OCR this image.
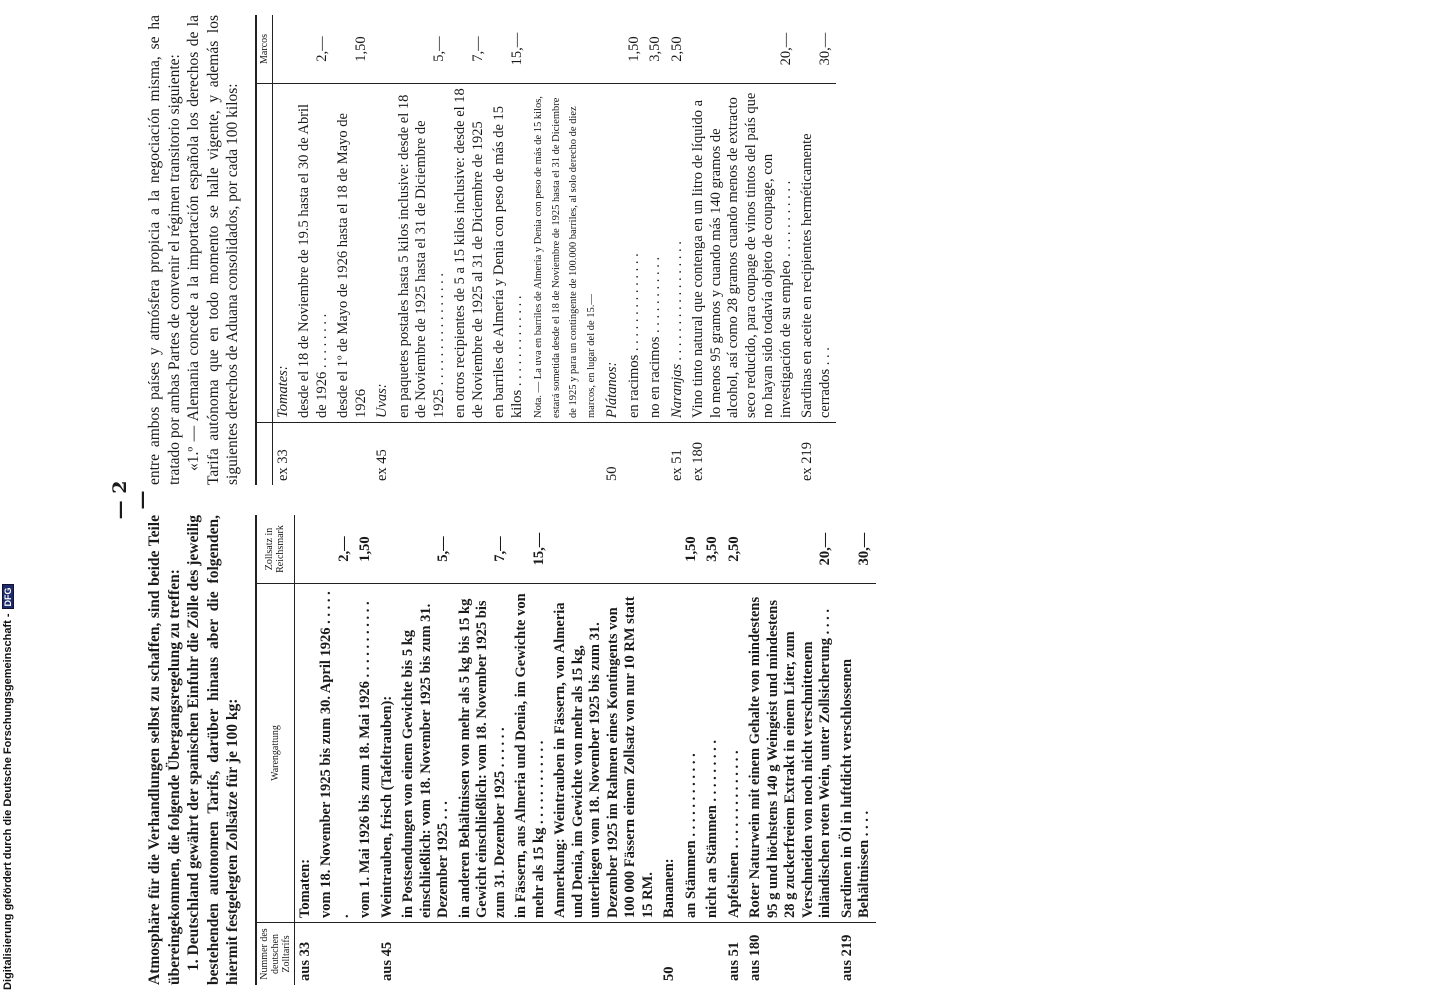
Digitalisierung gefördert durch die Deutsche Forschungsgemeinschaft -DFG
— 2 —

Atmosphäre für die Verhandlungen selbst zu schaffen, sind beide Teile übereingekommen, die folgende Übergangsregelung zu treffen: 1. Deutschland gewährt der spanischen Einfuhr die Zölle des jeweilig bestehenden autonomen Tarifs, darüber hinaus aber die folgenden, hiermit festgelegten Zollsätze für je 100 kg: Nummer des deutschen Zolltarifs	Warengattung	Zollsatz in Reichsmark
aus 33	Tomaten:	
	vom 18. November 1925 bis zum 30. April 1926 . . . . . .	2,—
	vom 1. Mai 1926 bis zum 18. Mai 1926 . . . . . . . . . . .	1,50
aus 45	Weintrauben, frisch (Tafeltrauben):	
	in Postsendungen von einem Gewichte bis 5 kg einschließlich: vom 18. November 1925 bis zum 31. Dezember 1925 . . .	5,—
	in anderen Behältnissen von mehr als 5 kg bis 15 kg Gewicht einschließlich: vom 18. November 1925 bis zum 31. Dezember 1925 . . . . . .	7,—
	in Fässern, aus Almeria und Denia, im Gewichte von mehr als 15 kg . . . . . . . . . . . .	15,—
	Anmerkung: Weintrauben in Fässern, von Almeria und Denia, im Gewichte von mehr als 15 kg, unterliegen vom 18. November 1925 bis zum 31. Dezember 1925 im Rahmen eines Kontingents von 100 000 Fässern einem Zollsatz von nur 10 RM statt 15 RM.	
50	Bananen:	
	an Stämmen . . . . . . . . . . . .	1,50
	nicht an Stämmen . . . . . . . . .	3,50
aus 51	Apfelsinen . . . . . . . . . . . . . .	2,50
aus 180	Roter Naturwein mit einem Gehalte von mindestens 95 g und höchstens 140 g Weingeist und mindestens 28 g zuckerfreiem Extrakt in einem Liter, zum Verschneiden von noch nicht verschnittenem inländischen roten Wein, unter Zollsicherung . . . .	20,—
aus 219	Sardinen in Öl in luftdicht verschlossenen Behältnissen . . . .	30,—

entre ambos países y atmósfera propicia a la negociación misma, se ha tratado por ambas Partes de convenir el régimen transitorio siguiente: «1.º — Alemania concede a la importación española los derechos de la Tarifa autónoma que en todo momento se halle vigente, y además los siguientes derechos de Aduana consolidados, por cada 100 kilos:

		Marcos
ex 33	Tomates:	
	desde el 18 de Noviembre de 19.5 hasta el 30 de Abril de 1926 . . . . . . . .	2,—
	desde el 1º de Mayo de 1926 hasta el 18 de Mayo de 1926	1,50
ex 45	Uvas:	
	en paquetes postales hasta 5 kilos inclusive: desde el 18 de Noviembre de 1925 hasta el 31 de Diciembre de 1925 . . . . . . . . . . . . . . . .	5,—
	en otros recipientes de 5 a 15 kilos inclusive: desde el 18 de Noviembre de 1925 al 31 de Diciembre de 1925	7,—
	en barriles de Almería y Denia con peso de más de 15 kilos . . . . . . . . . . . . .	15,—
	Nota. — La uva en barriles de Almería y Denia con peso de más de 15 kilos, estará sometida desde el 18 de Noviembre de 1925 hasta el 31 de Diciembre de 1925 y para un contingente de 100.000 barriles, al solo derecho de diez marcos, en lugar del de 15.—	
50	Plátanos:	
	en racimos . . . . . . . . . . . . . .	1,50
	no en racimos . . . . . . . . . . .	3,50
ex 51	Naranjas . . . . . . . . . . . . . . . . .	2,50
ex 180	Vino tinto natural que contenga en un litro de líquido a lo menos 95 gramos y cuando más 140 gramos de alcohol, así como 28 gramos cuando menos de extracto seco reducido, para coupage de vinos tintos del país que no hayan sido todavía objeto de coupage, con investigación de su empleo . . . . . . . . . . .	20,—
ex 219	Sardinas en aceite en recipientes herméticamente cerrados . . .	30,—
